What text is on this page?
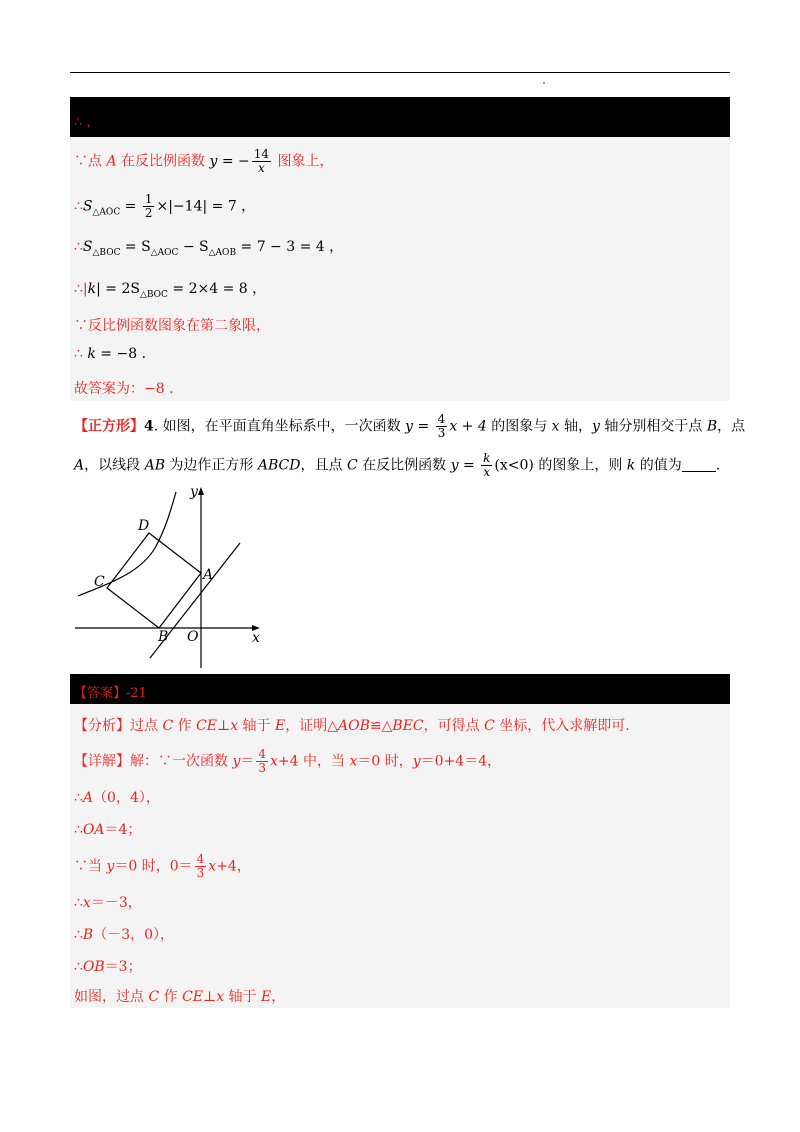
∴ ，
∵点 A 在反比例函数 y = − $\frac{14}{x}$ 图象上，
$\therefore S_{\triangle AOC} = \frac{1}{2} \times|-14| = 7$ ，
$\therefore S_{\triangle BOC} = S_{\triangle AOC} - S_{\triangle AOB} = 7 - 3 = 4$ ，
∴|k| = $2S_{\triangle BOC} = 2\times 4 = 8$ ，
∵反比例函数图象在第二象限，
∴ k = −8 .
故答案为：−8 .
【正方形】4. 如图，在平面直角坐标系中，一次函数 $y = \frac{4}{3}$ x + 4 的图象与 x 轴，y 轴分别相交于点 B，点
A，以线段 AB 为边作正方形 ABCD，且点 C 在反比例函数 $y = \frac{k}{x} (x<0)$ 的图象上，则 k 的值为 .
y
x
D
C	A
B O
【答案】-21
【分析】过点 C 作 CE⊥x 轴于 E，证明△AOB≌△BEC，可得点 C 坐标，代入求解即可.
【详解】解：∵一次函数 $y= \frac{4}{3} x+4$ 中，当 x＝0 时，y＝0+4＝4，
∴A（0，4），
∴OA＝4；
∵当 y＝0 时，$0= \frac{4}{3} x+4$，
∴x＝－3，
∴B（－3，0），
∴OB＝3；
如图，过点 C 作 CE⊥x 轴于 E，
